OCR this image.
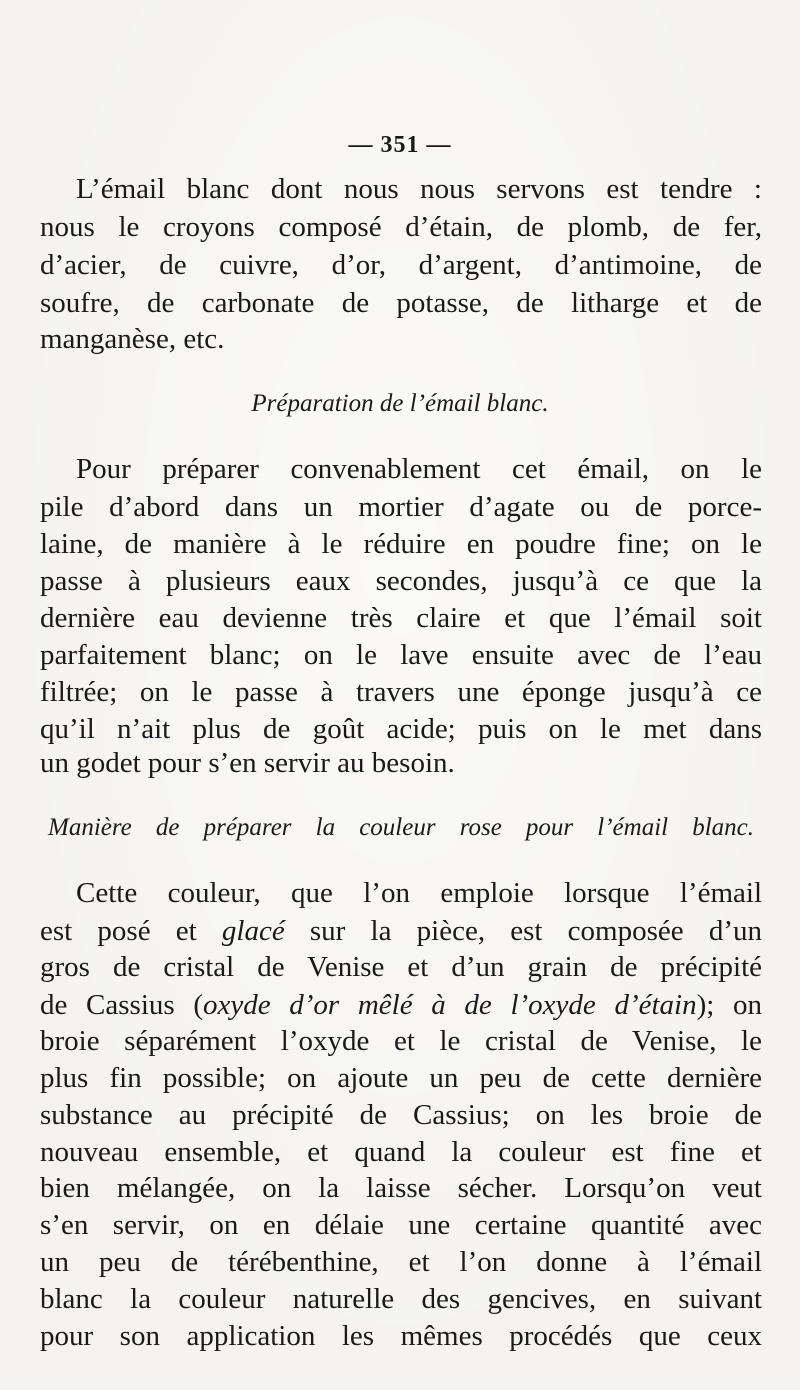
— 351 —
L’émail blanc dont nous nous servons est tendre :
nous le croyons composé d’étain, de plomb, de fer,
d’acier, de cuivre, d’or, d’argent, d’antimoine, de
soufre, de carbonate de potasse, de litharge et de
manganèse, etc.
Préparation de l’émail blanc.
Pour préparer convenablement cet émail, on le
pile d’abord dans un mortier d’agate ou de porce-
laine, de manière à le réduire en poudre fine; on le
passe à plusieurs eaux secondes, jusqu’à ce que la
dernière eau devienne très claire et que l’émail soit
parfaitement blanc; on le lave ensuite avec de l’eau
filtrée; on le passe à travers une éponge jusqu’à ce
qu’il n’ait plus de goût acide; puis on le met dans
un godet pour s’en servir au besoin.
Manière de préparer la couleur rose pour l’émail blanc.
Cette couleur, que l’on emploie lorsque l’émail
est posé et glacé sur la pièce, est composée d’un
gros de cristal de Venise et d’un grain de précipité
de Cassius (oxyde d’or mêlé à de l’oxyde d’étain); on
broie séparément l’oxyde et le cristal de Venise, le
plus fin possible; on ajoute un peu de cette dernière
substance au précipité de Cassius; on les broie de
nouveau ensemble, et quand la couleur est fine et
bien mélangée, on la laisse sécher. Lorsqu’on veut
s’en servir, on en délaie une certaine quantité avec
un peu de térébenthine, et l’on donne à l’émail
blanc la couleur naturelle des gencives, en suivant
pour son application les mêmes procédés que ceux
